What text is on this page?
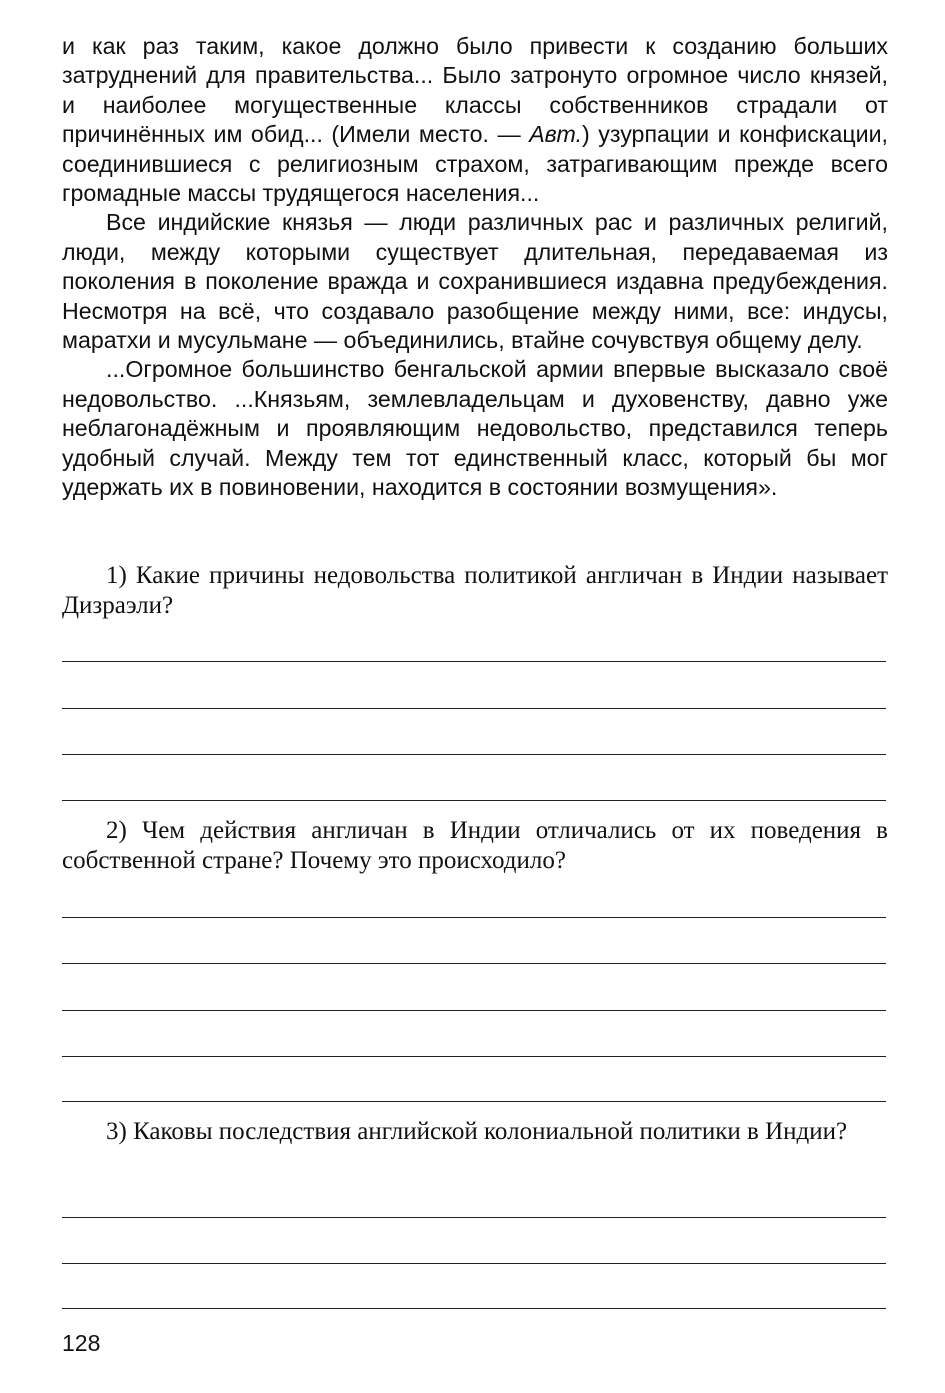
и как раз таким, какое должно было привести к созданию больших затруднений для правительства... Было затронуто огромное число князей, и наиболее могущественные классы собственников страдали от причинённых им обид... (Имели место. — Авт.) узурпации и конфискации, соединившиеся с религиозным страхом, затрагивающим прежде всего громадные массы трудящегося населения...

Все индийские князья — люди различных рас и различных религий, люди, между которыми существует длительная, передаваемая из поколения в поколение вражда и сохранившиеся издавна предубеждения. Несмотря на всё, что создавало разобщение между ними, все: индусы, маратхи и мусульмане — объединились, втайне сочувствуя общему делу.

...Огромное большинство бенгальской армии впервые высказало своё недовольство. ...Князьям, землевладельцам и духовенству, давно уже неблагонадёжным и проявляющим недовольство, представился теперь удобный случай. Между тем тот единственный класс, который бы мог удержать их в повиновении, находится в состоянии возмущения».

1) Какие причины недовольства политикой англичан в Индии называет Дизраэли?

2) Чем действия англичан в Индии отличались от их поведения в собственной стране? Почему это происходило?

3) Каковы последствия английской колониальной политики в Индии?

128
